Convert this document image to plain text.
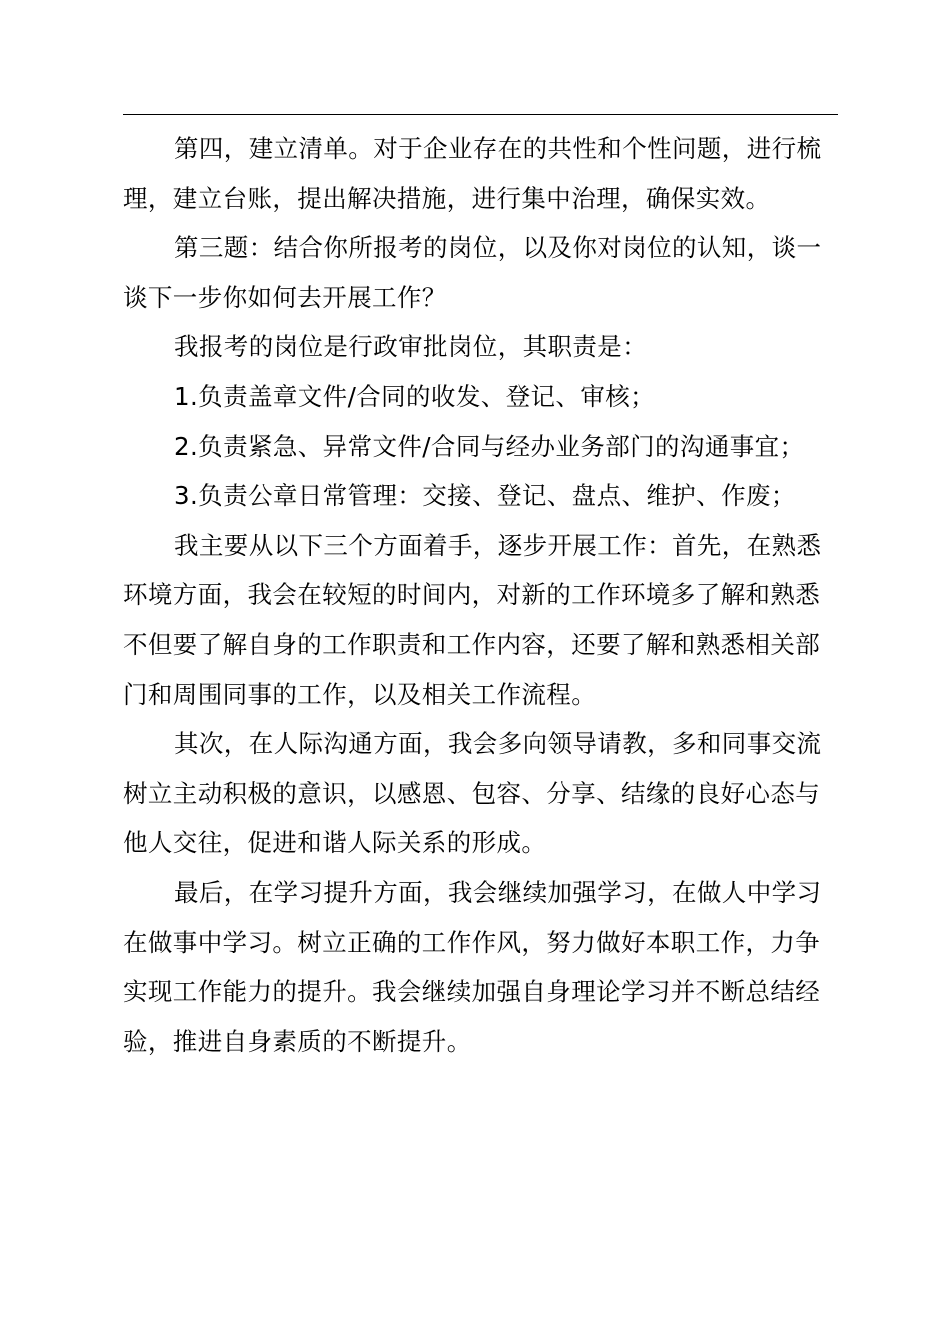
第四，建立清单。对于企业存在的共性和个性问题，进行梳
理，建立台账，提出解决措施，进行集中治理，确保实效。
第三题：结合你所报考的岗位，以及你对岗位的认知，谈一
谈下一步你如何去开展工作？
我报考的岗位是行政审批岗位，其职责是：
1.负责盖章文件/合同的收发、登记、审核；
2.负责紧急、异常文件/合同与经办业务部门的沟通事宜；
3.负责公章日常管理：交接、登记、盘点、维护、作废；
我主要从以下三个方面着手，逐步开展工作：首先，在熟悉
环境方面，我会在较短的时间内，对新的工作环境多了解和熟悉
不但要了解自身的工作职责和工作内容，还要了解和熟悉相关部
门和周围同事的工作，以及相关工作流程。
其次，在人际沟通方面，我会多向领导请教，多和同事交流
树立主动积极的意识，以感恩、包容、分享、结缘的良好心态与
他人交往，促进和谐人际关系的形成。
最后，在学习提升方面，我会继续加强学习，在做人中学习
在做事中学习。树立正确的工作作风，努力做好本职工作，力争
实现工作能力的提升。我会继续加强自身理论学习并不断总结经
验，推进自身素质的不断提升。
